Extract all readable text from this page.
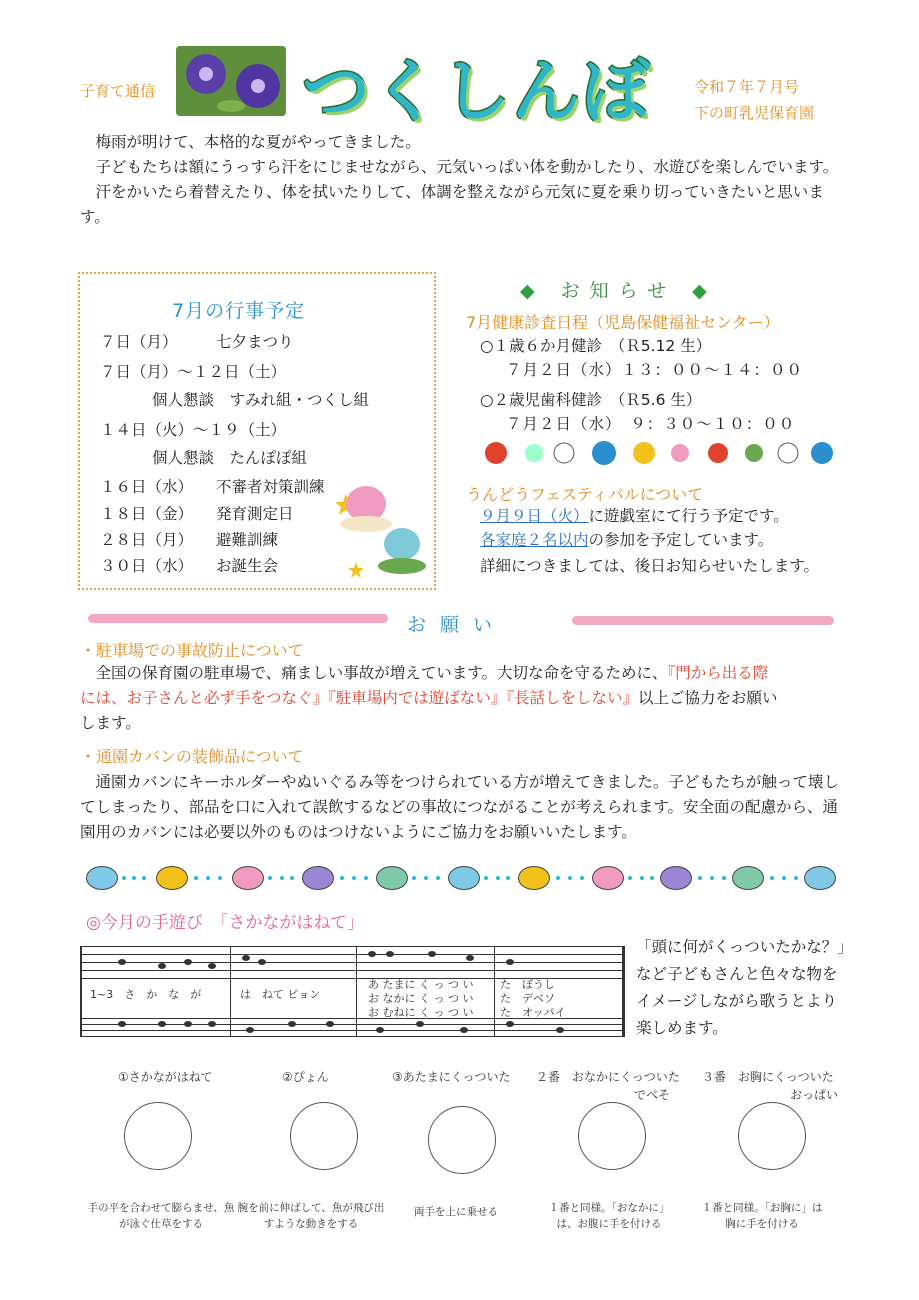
子育て通信 つくしんぼ	令和７年７月号
下の町乳児保育園

梅雨が明けて、本格的な夏がやってきました。

子どもたちは額にうっすら汗をにじませながら、元気いっぱい体を動かしたり、水遊びを楽しんでいます。

汗をかいたら着替えたり、体を拭いたりして、体調を整えながら元気に夏を乗り切っていきたいと思います。

7月の行事予定
７日（月） 七夕まつり
７日（月）～１２日（土）
個人懇談　すみれ組・つくし組
１４日（火）～１９（土）
個人懇談　たんぽぽ組
１６日（水） 不審者対策訓練
１８日（金） 発育測定日
２８日（月） 避難訓練
３０日（水） お誕生会
◆ お知らせ ◆
7月健康診査日程（児島保健福祉センター）
○１歳６か月健診　（Ｒ5.12 生）
７月２日（水）１３：００～１４：００
○２歳児歯科健診　（Ｒ5.6 生）
７月２日（水）　９：３０～１０：００
うんどうフェスティバルについて
９月９日（火）に遊戯室にて行う予定です。
各家庭２名以内の参加を予定しています。
詳細につきましては、後日お知らせいたします。
お願い
・駐車場での事故防止について
全国の保育園の駐車場で、痛ましい事故が増えています。大切な命を守るために、『門から出る際
には、お子さんと必ず手をつなぐ』『駐車場内では遊ばない』『長話しをしない』以上ご協力をお願い
します。
・通園カバンの装飾品について
通園カバンにキーホルダーやぬいぐるみ等をつけられている方が増えてきました。子どもたちが触って壊してしまったり、部品を口に入れて誤飲するなどの事故につながることが考えられます。安全面の配慮から、通園用のカバンには必要以外のものはつけないようにご協力をお願いいたします。
◎今月の手遊び　「さかながはねて」
1~3　さ　か　な　が	は　ねて ピョン
あ たまに く っ つ い
お なかに く っ つ い
お むねに く っ つ い
た　ぼうし
た　デベソ
た　オッパイ
「頭に何がくっついたかな？」など子どもさんと色々な物をイメージしながら歌うとより楽しめます。
①さかながはねて	②ぴょん	③あたまにくっついた ２番　おなかにくっついた
でべそ
３番　お胸にくっついた
おっぱい
手の平を合わせて膨らませ、魚が泳ぐ仕草をする
腕を前に伸ばして、魚が飛び出すような動きをする
両手を上に乗せる	１番と同様。「おなかに」は、お腹に手を付ける
１番と同様。「お胸に」は胸に手を付ける
